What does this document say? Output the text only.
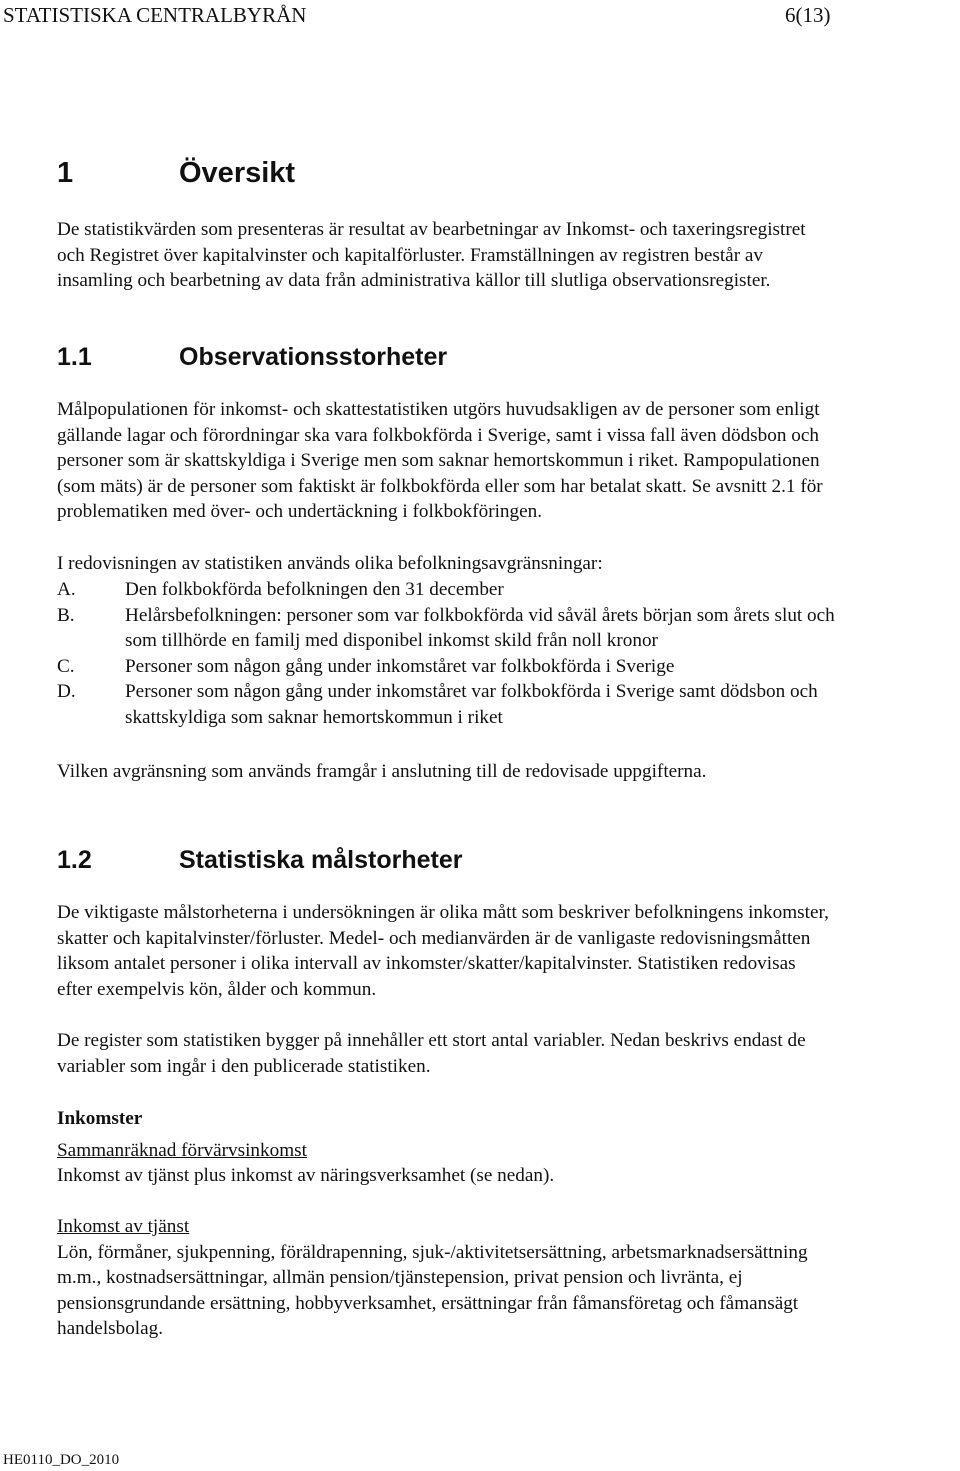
STATISTISKA CENTRALBYRÅN	6(13)
1	Översikt
De statistikvärden som presenteras är resultat av bearbetningar av Inkomst- och taxeringsregistret
och Registret över kapitalvinster och kapitalförluster. Framställningen av registren består av
insamling och bearbetning av data från administrativa källor till slutliga observationsregister.
1.1	Observationsstorheter
Målpopulationen för inkomst- och skattestatistiken utgörs huvudsakligen av de personer som enligt
gällande lagar och förordningar ska vara folkbokförda i Sverige, samt i vissa fall även dödsbon och
personer som är skattskyldiga i Sverige men som saknar hemortskommun i riket. Rampopulationen
(som mäts) är de personer som faktiskt är folkbokförda eller som har betalat skatt. Se avsnitt 2.1 för
problematiken med över- och undertäckning i folkbokföringen.
I redovisningen av statistiken används olika befolkningsavgränsningar:
A.	Den folkbokförda befolkningen den 31 december
B.	Helårsbefolkningen: personer som var folkbokförda vid såväl årets början som årets slut och
som tillhörde en familj med disponibel inkomst skild från noll kronor
C.	Personer som någon gång under inkomståret var folkbokförda i Sverige
D.	Personer som någon gång under inkomståret var folkbokförda i Sverige samt dödsbon och
skattskyldiga som saknar hemortskommun i riket
Vilken avgränsning som används framgår i anslutning till de redovisade uppgifterna.
1.2	Statistiska målstorheter
De viktigaste målstorheterna i undersökningen är olika mått som beskriver befolkningens inkomster,
skatter och kapitalvinster/förluster. Medel- och medianvärden är de vanligaste redovisningsmåtten
liksom antalet personer i olika intervall av inkomster/skatter/kapitalvinster. Statistiken redovisas
efter exempelvis kön, ålder och kommun.
De register som statistiken bygger på innehåller ett stort antal variabler. Nedan beskrivs endast de
variabler som ingår i den publicerade statistiken.
Inkomster
Sammanräknad förvärvsinkomst
Inkomst av tjänst plus inkomst av näringsverksamhet (se nedan).
Inkomst av tjänst
Lön, förmåner, sjukpenning, föräldrapenning, sjuk-/aktivitetsersättning, arbetsmarknadsersättning
m.m., kostnadsersättningar, allmän pension/tjänstepension, privat pension och livränta, ej
pensionsgrundande ersättning, hobbyverksamhet, ersättningar från fåmansföretag och fåmansägt
handelsbolag.
HE0110_DO_2010
